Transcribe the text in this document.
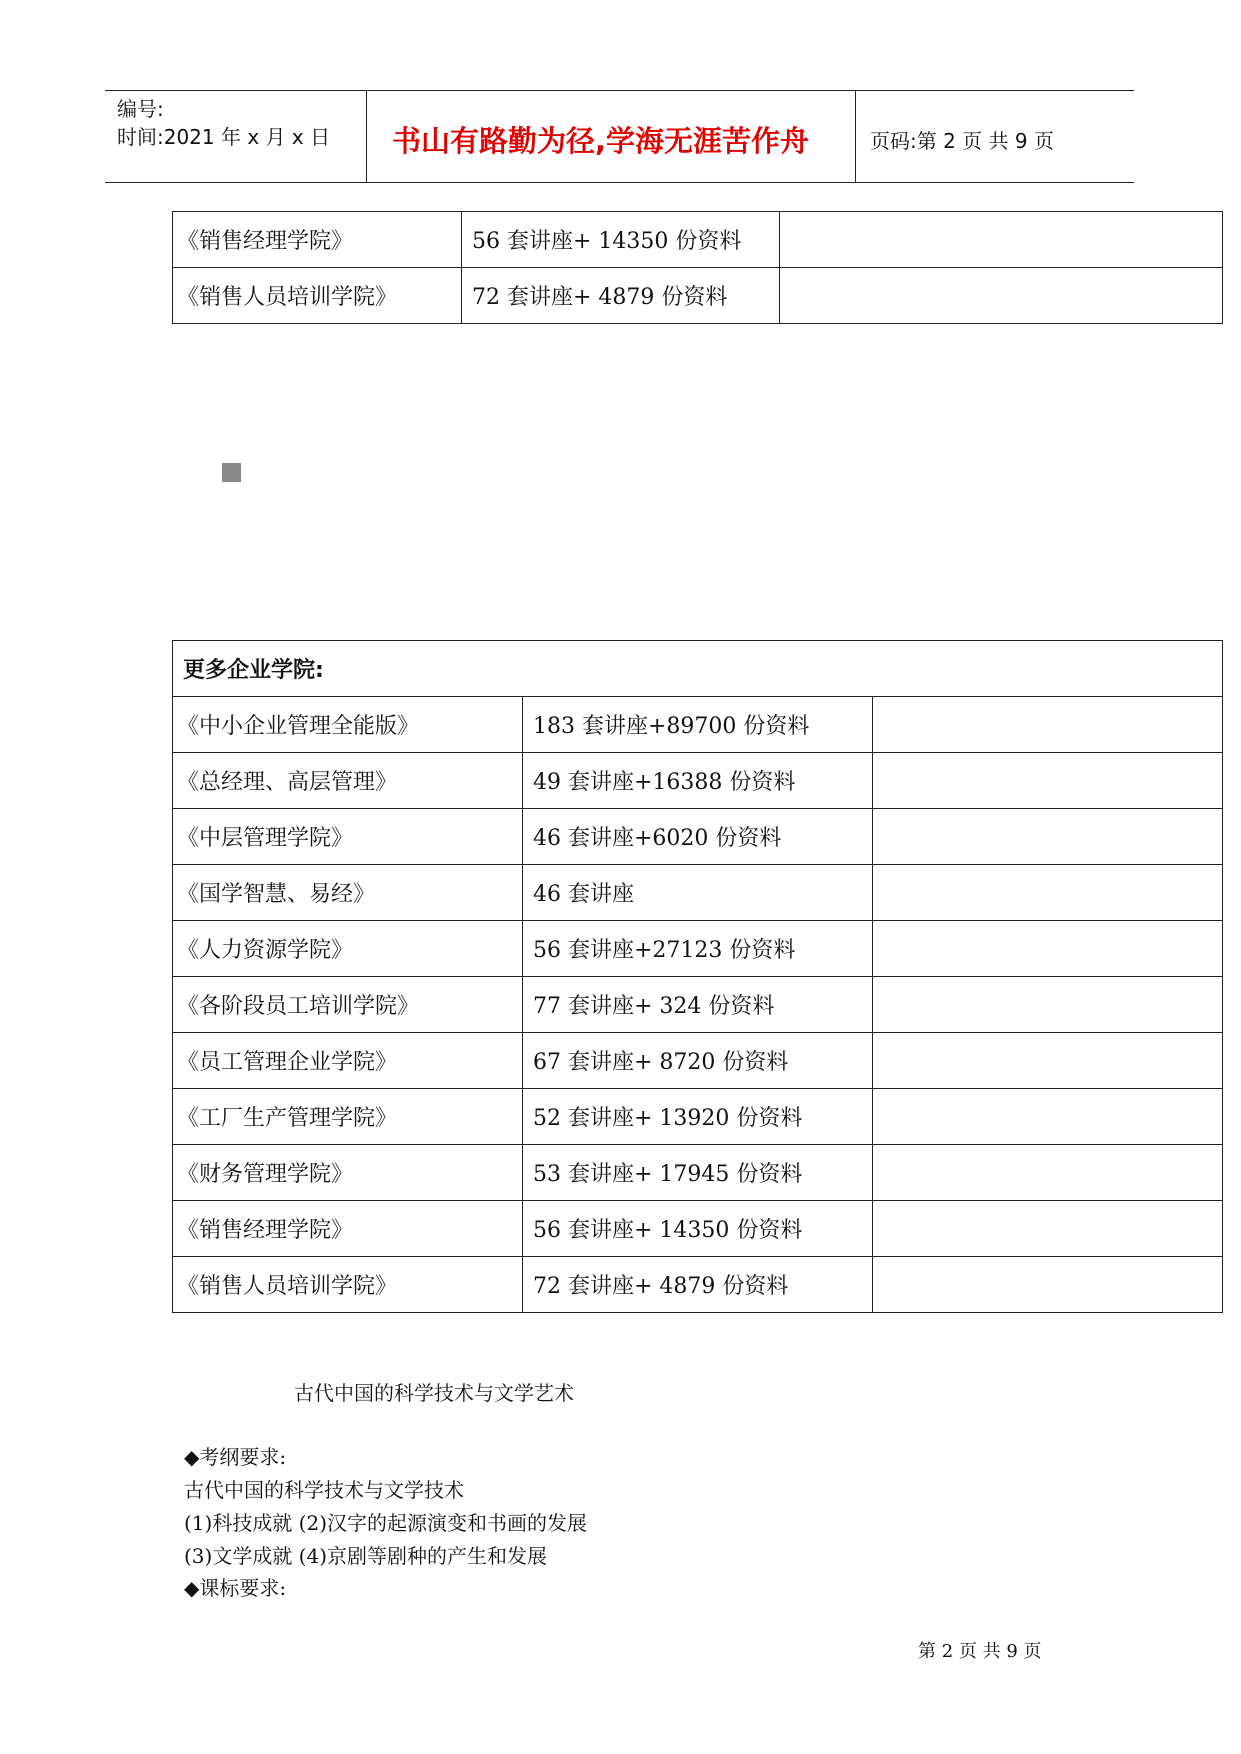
编号:
时间:2021 年 x 月 x 日 书山有路勤为径,学海无涯苦作舟	页码:第 2 页 共 9 页
《销售经理学院》	56 套讲座+ 14350 份资料	
《销售人员培训学院》	72 套讲座+ 4879 份资料	
更多企业学院:		
《中小企业管理全能版》	183 套讲座+89700 份资料	
《总经理、高层管理》	49 套讲座+16388 份资料	
《中层管理学院》	46 套讲座+6020 份资料	
《国学智慧、易经》	46 套讲座	
《人力资源学院》	56 套讲座+27123 份资料	
《各阶段员工培训学院》	77 套讲座+ 324 份资料	
《员工管理企业学院》	67 套讲座+ 8720 份资料	
《工厂生产管理学院》	52 套讲座+ 13920 份资料	
《财务管理学院》	53 套讲座+ 17945 份资料	
《销售经理学院》	56 套讲座+ 14350 份资料	
《销售人员培训学院》	72 套讲座+ 4879 份资料	
古代中国的科学技术与文学艺术
◆考纲要求:
古代中国的科学技术与文学技术
(1)科技成就 (2)汉字的起源演变和书画的发展
(3)文学成就 (4)京剧等剧种的产生和发展
◆课标要求:
第 2 页 共 9 页
